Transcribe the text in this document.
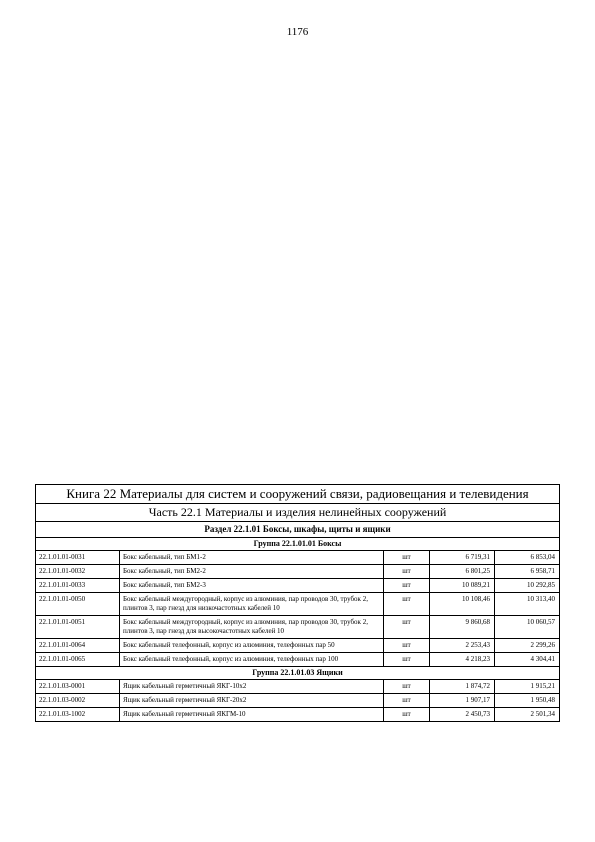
1176
Книга 22 Материалы для систем и сооружений связи, радиовещания и телевидения				
Часть 22.1 Материалы и изделия нелинейных сооружений				
Раздел 22.1.01 Боксы, шкафы, щиты и ящики				
Группа 22.1.01.01 Боксы				
22.1.01.01-0031	Бокс кабельный, тип БМ1-2	шт	6 719,31	6 853,04
22.1.01.01-0032	Бокс кабельный, тип БМ2-2	шт	6 801,25	6 958,71
22.1.01.01-0033	Бокс кабельный, тип БМ2-3	шт	10 089,21	10 292,85
22.1.01.01-0050	Бокс кабельный междугородный, корпус из алюминия, пар проводов 30, трубок 2, плинтов 3, пар гнезд для низкочастотных кабелей 10	шт	10 108,46	10 313,40
22.1.01.01-0051	Бокс кабельный междугородный, корпус из алюминия, пар проводов 30, трубок 2, плинтов 3, пар гнезд для высокочастотных кабелей 10	шт	9 860,68	10 060,57
22.1.01.01-0064	Бокс кабельный телефонный, корпус из алюминия, телефонных пар 50	шт	2 253,43	2 299,26
22.1.01.01-0065	Бокс кабельный телефонный, корпус из алюминия, телефонных пар 100	шт	4 218,23	4 304,41
Группа 22.1.01.03 Ящики				
22.1.01.03-0001	Ящик кабельный герметичный ЯКГ-10х2	шт	1 874,72	1 915,21
22.1.01.03-0002	Ящик кабельный герметичный ЯКГ-20х2	шт	1 907,17	1 950,48
22.1.01.03-1002	Ящик кабельный герметичный ЯКГМ-10	шт	2 450,73	2 501,34
